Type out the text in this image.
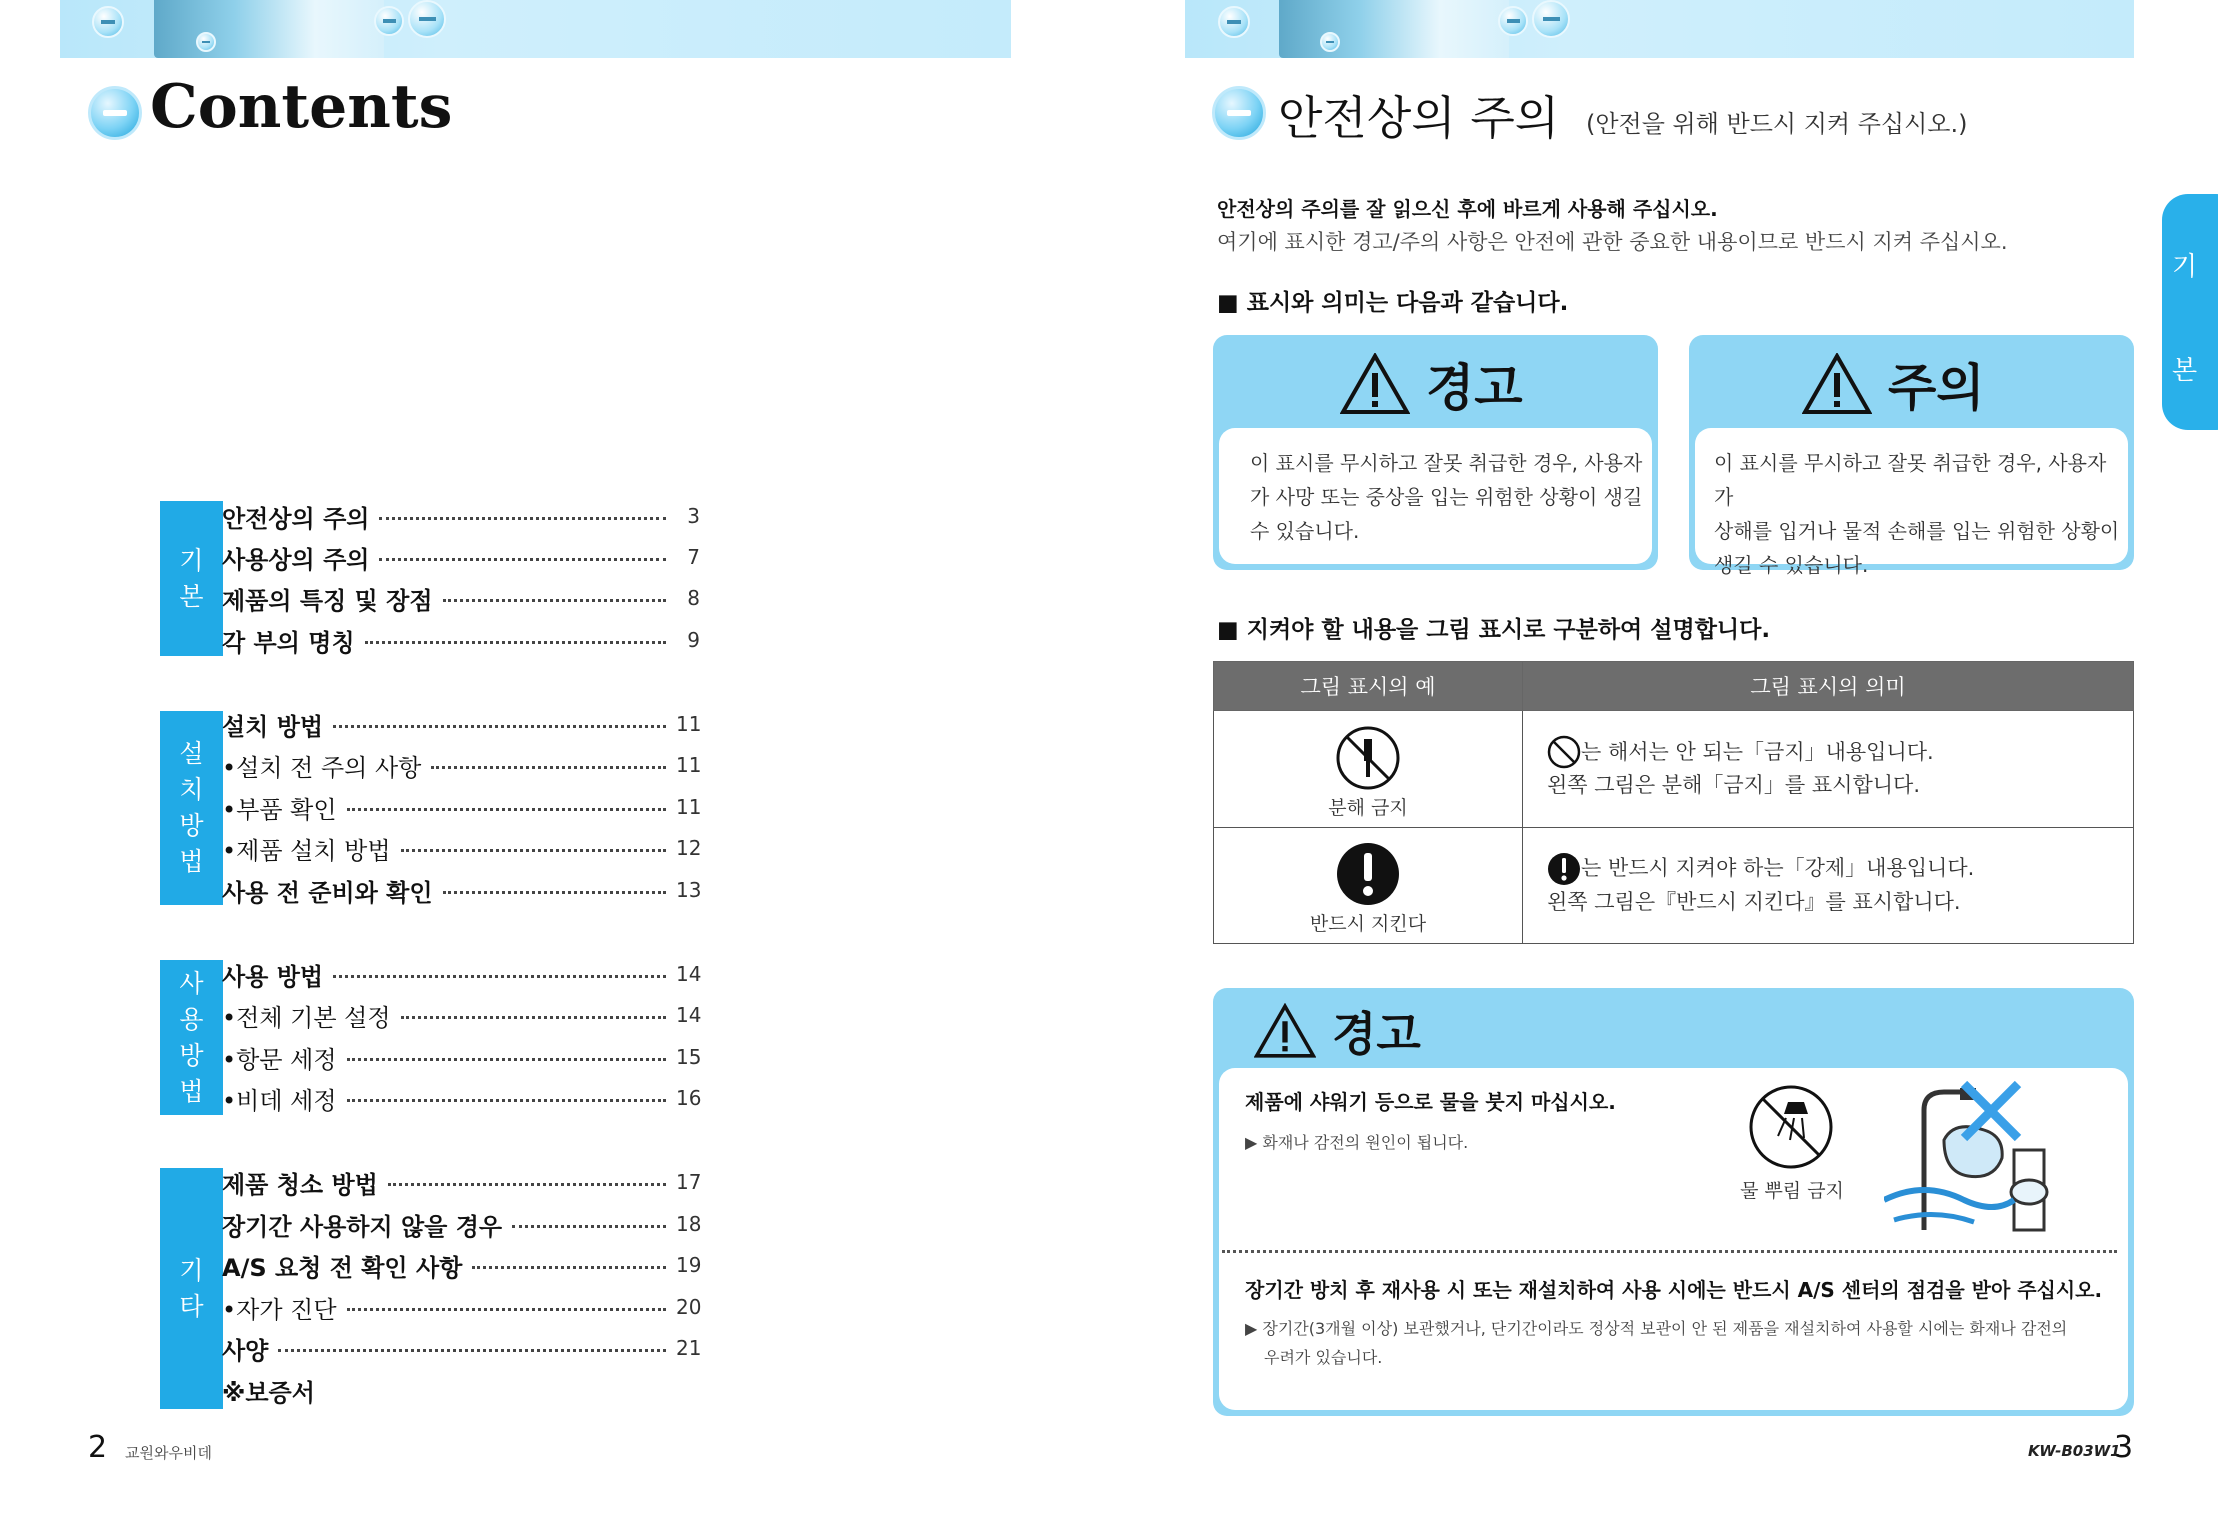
Contents
기 본
안전상의 주의	3
사용상의 주의	7
제품의 특징 및 장점	8
각 부의 명칭	9
설 치 방 법
설치 방법	11
•설치 전 주의 사항	11
•부품 확인	11
•제품 설치 방법	12
사용 전 준비와 확인	13
사 용 방 법
사용 방법	14
•전체 기본 설정	14
•항문 세정	15
•비데 세정	16
기 타
제품 청소 방법	17
장기간 사용하지 않을 경우	18
A/S 요청 전 확인 사항	19
•자가 진단	20
사양	21
※보증서
2 교원와우비데
안전상의 주의 (안전을 위해 반드시 지켜 주십시오.)
안전상의 주의를 잘 읽으신 후에 바르게 사용해 주십시오.
여기에 표시한 경고/주의 사항은 안전에 관한 중요한 내용이므로 반드시 지켜 주십시오.
■ 표시와 의미는 다음과 같습니다.
경고
이 표시를 무시하고 잘못 취급한 경우, 사용자
가 사망 또는 중상을 입는 위험한 상황이 생길
수 있습니다.
주의
이 표시를 무시하고 잘못 취급한 경우, 사용자가
상해를 입거나 물적 손해를 입는 위험한 상황이
생길 수 있습니다.
■ 지켜야 할 내용을 그림 표시로 구분하여 설명합니다.
그림 표시의 예	그림 표시의 의미

분해 금지	는 해서는 안 되는「금지」내용입니다.
왼쪽 그림은 분해「금지」를 표시합니다.

반드시 지킨다	는 반드시 지켜야 하는「강제」내용입니다.
왼쪽 그림은『반드시 지킨다』를 표시합니다.
경고
제품에 샤워기 등으로 물을 붓지 마십시오.
▶ 화재나 감전의 원인이 됩니다.
물 뿌림 금지
장기간 방치 후 재사용 시 또는 재설치하여 사용 시에는 반드시 A/S 센터의 점검을 받아 주십시오.
▶ 장기간(3개월 이상) 보관했거나, 단기간이라도 정상적 보관이 안 된 제품을 재설치하여 사용할 시에는 화재나 감전의
우려가 있습니다.
기
본
KW-B03W1
3
